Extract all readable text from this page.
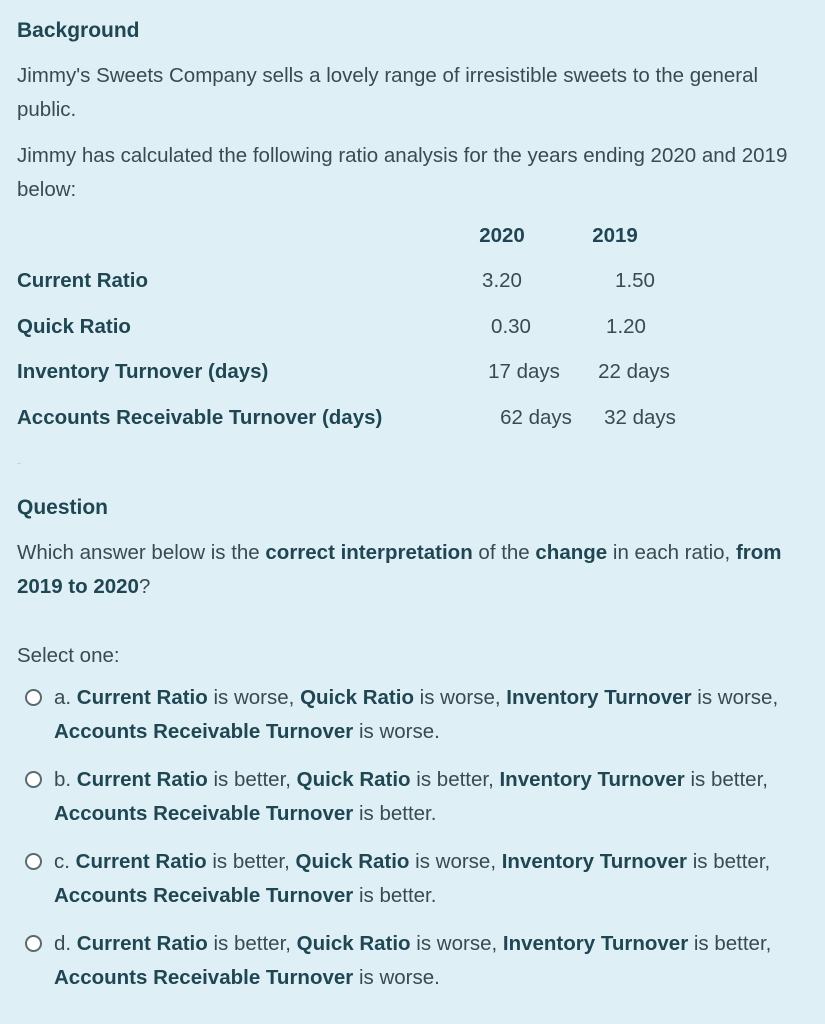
Background
Jimmy's Sweets Company sells a lovely range of irresistible sweets to the general public.
Jimmy has calculated the following ratio analysis for the years ending 2020 and 2019 below:
2020	2019
Current Ratio	3.20	1.50
Quick Ratio	0.30	1.20
Inventory Turnover (days)	17 days	22 days
Accounts Receivable Turnover (days)	62 days	32 days
Question
Which answer below is the correct interpretation of the change in each ratio, from 2019 to 2020?
Select one:
a. Current Ratio is worse, Quick Ratio is worse, Inventory Turnover is worse, Accounts Receivable Turnover is worse.
b. Current Ratio is better, Quick Ratio is better, Inventory Turnover is better, Accounts Receivable Turnover is better.
c. Current Ratio is better, Quick Ratio is worse, Inventory Turnover is better, Accounts Receivable Turnover is better.
d. Current Ratio is better, Quick Ratio is worse, Inventory Turnover is better, Accounts Receivable Turnover is worse.
